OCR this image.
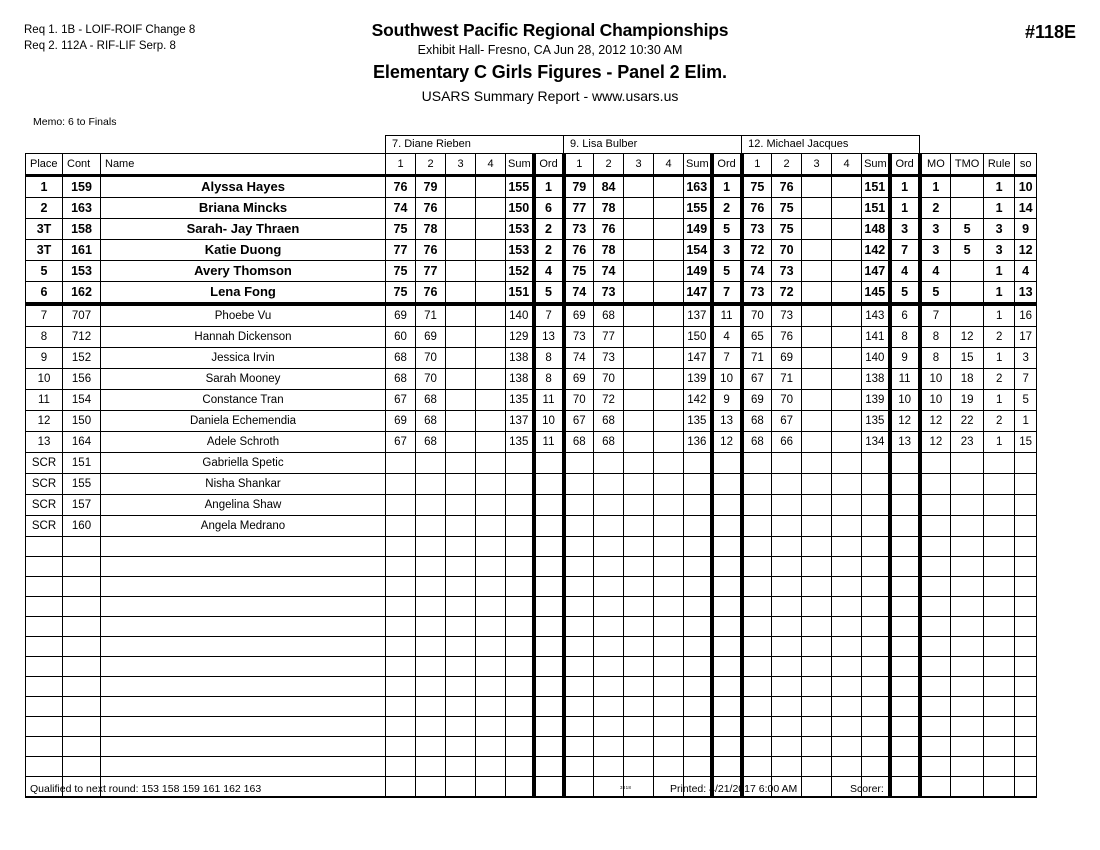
Req 1. 1B - LOIF-ROIF Change 8
Req 2. 112A - RIF-LIF Serp. 8
Memo: 6 to Finals
Southwest Pacific Regional Championships
Exhibit Hall- Fresno, CA Jun 28, 2012 10:30 AM
Elementary C Girls Figures - Panel 2 Elim.
USARS Summary Report - www.usars.us
#118E
			7. Diane Rieben						9. Lisa Bulber						12. Michael Jacques									
Place	Cont	Name	1	2	3	4	Sum	Ord	1	2	3	4	Sum	Ord	1	2	3	4	Sum	Ord	MO	TMO	Rule	so
1	159	Alyssa Hayes	76	79			155	1	79	84			163	1	75	76			151	1	1		1	10
2	163	Briana Mincks	74	76			150	6	77	78			155	2	76	75			151	1	2		1	14
3T	158	Sarah- Jay Thraen	75	78			153	2	73	76			149	5	73	75			148	3	3	5	3	9
3T	161	Katie Duong	77	76			153	2	76	78			154	3	72	70			142	7	3	5	3	12
5	153	Avery Thomson	75	77			152	4	75	74			149	5	74	73			147	4	4		1	4
6	162	Lena Fong	75	76			151	5	74	73			147	7	73	72			145	5	5		1	13
7	707	Phoebe Vu	69	71			140	7	69	68			137	11	70	73			143	6	7		1	16
8	712	Hannah Dickenson	60	69			129	13	73	77			150	4	65	76			141	8	8	12	2	17
9	152	Jessica Irvin	68	70			138	8	74	73			147	7	71	69			140	9	8	15	1	3
10	156	Sarah Mooney	68	70			138	8	69	70			139	10	67	71			138	11	10	18	2	7
11	154	Constance Tran	67	68			135	11	70	72			142	9	69	70			139	10	10	19	1	5
12	150	Daniela Echemendia	69	68			137	10	67	68			135	13	68	67			135	12	12	22	2	1
13	164	Adele Schroth	67	68			135	11	68	68			136	12	68	66			134	13	12	23	1	15
SCR	151	Gabriella Spetic																						
SCR	155	Nisha Shankar																						
SCR	157	Angelina Shaw																						
SCR	160	Angela Medrano																						

Qualified to next round: 153 158 159 161 162 163	3818	Printed: 4/21/2017 6:00 AM	Scorer:
